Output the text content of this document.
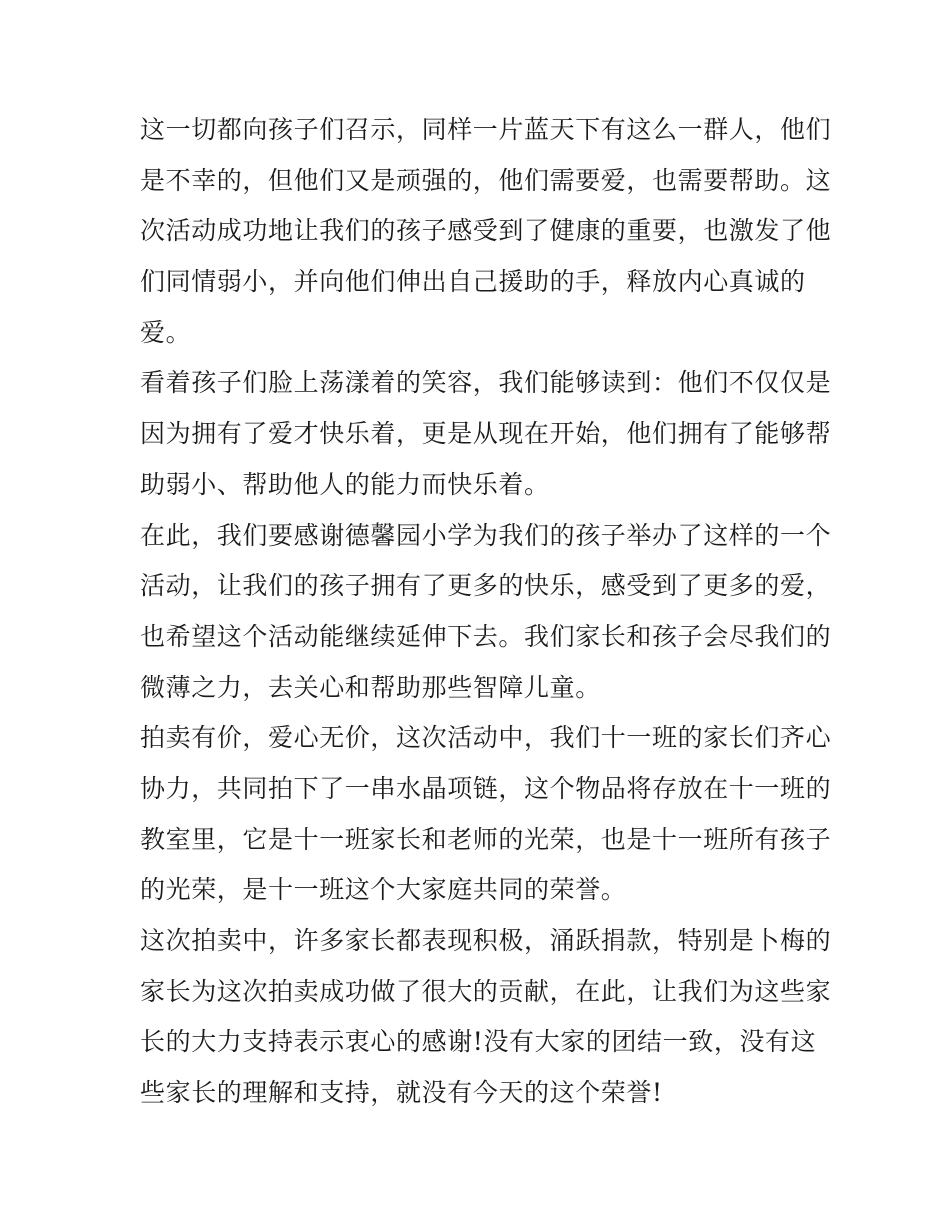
这一切都向孩子们召示，同样一片蓝天下有这么一群人，他们
是不幸的，但他们又是顽强的，他们需要爱，也需要帮助。这
次活动成功地让我们的孩子感受到了健康的重要，也激发了他
们同情弱小，并向他们伸出自己援助的手，释放内心真诚的
爱。
看着孩子们脸上荡漾着的笑容，我们能够读到：他们不仅仅是
因为拥有了爱才快乐着，更是从现在开始，他们拥有了能够帮
助弱小、帮助他人的能力而快乐着。
在此，我们要感谢德馨园小学为我们的孩子举办了这样的一个
活动，让我们的孩子拥有了更多的快乐，感受到了更多的爱，
也希望这个活动能继续延伸下去。我们家长和孩子会尽我们的
微薄之力，去关心和帮助那些智障儿童。
拍卖有价，爱心无价，这次活动中，我们十一班的家长们齐心
协力，共同拍下了一串水晶项链，这个物品将存放在十一班的
教室里，它是十一班家长和老师的光荣，也是十一班所有孩子
的光荣，是十一班这个大家庭共同的荣誉。
这次拍卖中，许多家长都表现积极，涌跃捐款，特别是卜梅的
家长为这次拍卖成功做了很大的贡献，在此，让我们为这些家
长的大力支持表示衷心的感谢!没有大家的团结一致，没有这
些家长的理解和支持，就没有今天的这个荣誉!
